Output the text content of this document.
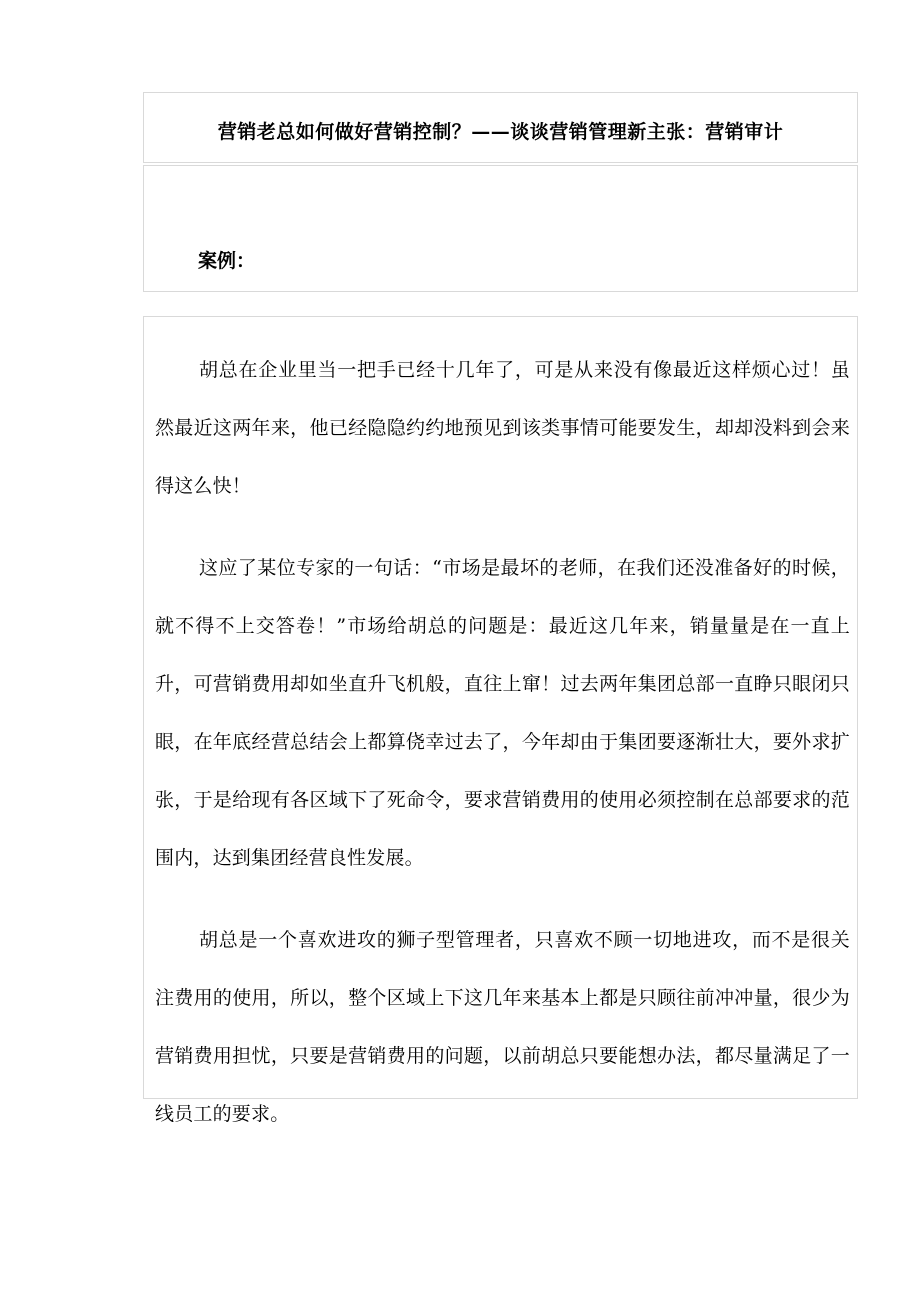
营销老总如何做好营销控制？——谈谈营销管理新主张：营销审计
案例：

胡总在企业里当一把手已经十几年了，可是从来没有像最近这样烦心过！虽然最近这两年来，他已经隐隐约约地预见到该类事情可能要发生，却却没料到会来得这么快！

这应了某位专家的一句话：“市场是最坏的老师，在我们还没准备好的时候，就不得不上交答卷！”市场给胡总的问题是：最近这几年来，销量量是在一直上升，可营销费用却如坐直升飞机般，直往上窜！过去两年集团总部一直睁只眼闭只眼，在年底经营总结会上都算侥幸过去了，今年却由于集团要逐渐壮大，要外求扩张，于是给现有各区域下了死命令，要求营销费用的使用必须控制在总部要求的范围内，达到集团经营良性发展。

胡总是一个喜欢进攻的狮子型管理者，只喜欢不顾一切地进攻，而不是很关注费用的使用，所以，整个区域上下这几年来基本上都是只顾往前冲冲量，很少为营销费用担忧，只要是营销费用的问题，以前胡总只要能想办法，都尽量满足了一线员工的要求。
